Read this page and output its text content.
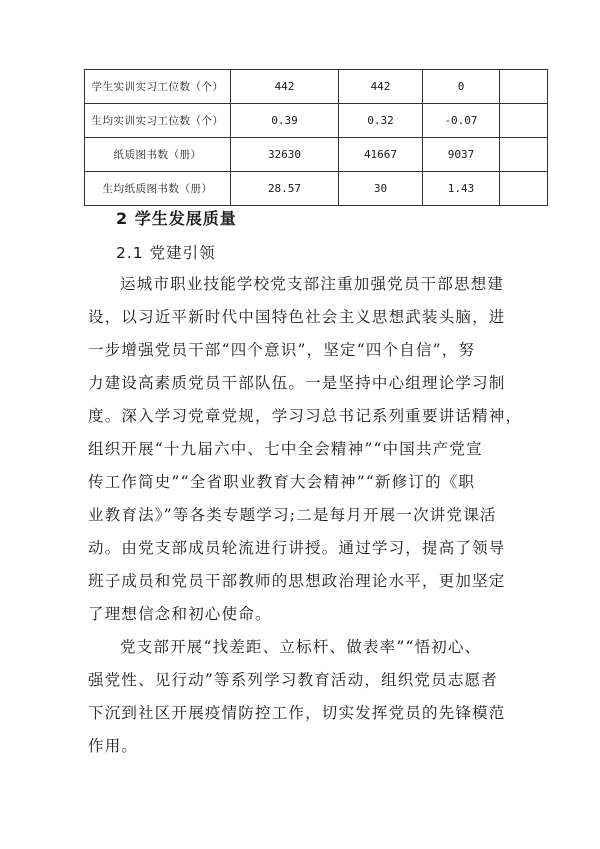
学生实训实习工位数（个）	442	442	0	
生均实训实习工位数（个）	0.39	0.32	-0.07	
纸质图书数（册）	32630	41667	9037	
生均纸质图书数（册）	28.57	30	1.43	
2 学生发展质量
2.1 党建引领
运城市职业技能学校党支部注重加强党员干部思想建
设，以习近平新时代中国特色社会主义思想武装头脑，进
一步增强党员干部“四个意识”，坚定“四个自信”，努
力建设高素质党员干部队伍。一是坚持中心组理论学习制
度。深入学习党章党规，学习习总书记系列重要讲话精神，
组织开展“十九届六中、七中全会精神”“中国共产党宣
传工作简史”“全省职业教育大会精神”“新修订的《职
业教育法》”等各类专题学习;二是每月开展一次讲党课活
动。由党支部成员轮流进行讲授。通过学习，提高了领导
班子成员和党员干部教师的思想政治理论水平，更加坚定
了理想信念和初心使命。
党支部开展“找差距、立标杆、做表率”“悟初心、
强党性、见行动”等系列学习教育活动，组织党员志愿者
下沉到社区开展疫情防控工作，切实发挥党员的先锋模范
作用。
